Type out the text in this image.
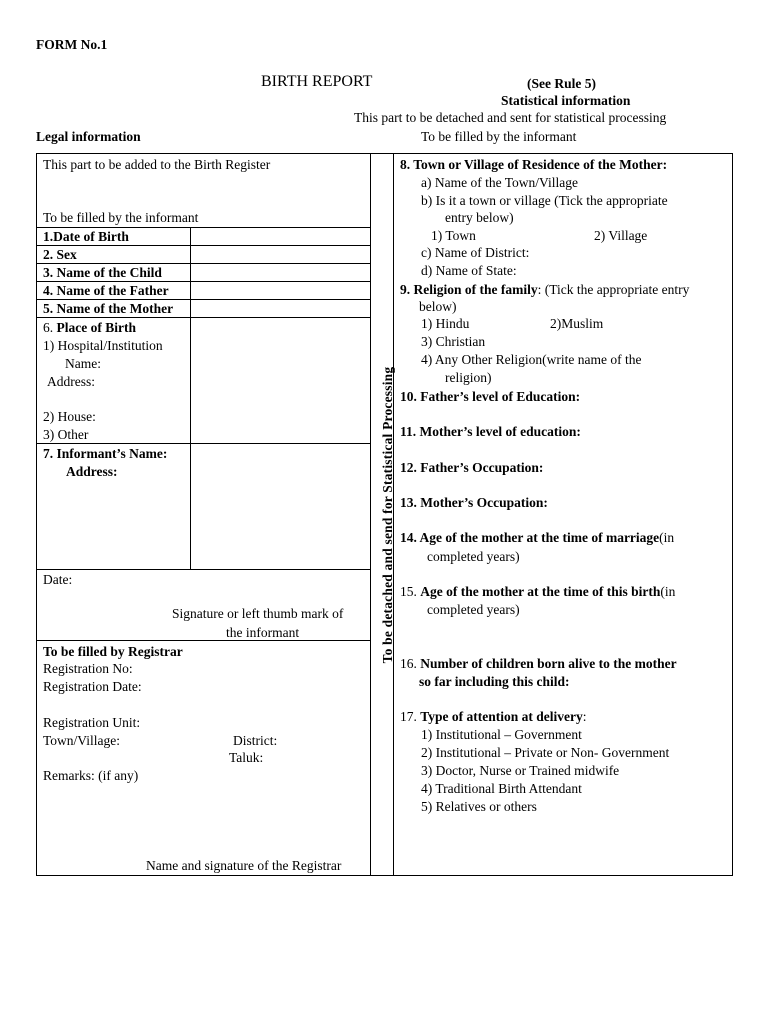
FORM No.1
BIRTH REPORT	(See Rule 5)
Statistical information
This part to be detached and sent for statistical processing
Legal information	To be filled by the informant
This part to be added to the Birth Register
To be filled by the informant
1.Date of Birth
2. Sex
3. Name of the Child
4. Name of the Father
5. Name of the Mother
6. Place of Birth
1) Hospital/Institution
Name:
Address:
2) House:
3) Other
7. Informant’s Name:
Address:
Date:
Signature or left thumb mark of
the informant
To be filled by Registrar
Registration No:
Registration Date:
Registration Unit:
Town/Village:	District:
Taluk:
Remarks: (if any)
Name and signature of the Registrar
To be detached and send for Statistical Processing
8. Town or Village of Residence of the Mother:
a) Name of the Town/Village
b) Is it a town or village (Tick the appropriate
entry below)
1) Town	2) Village
c) Name of District:
d) Name of State:
9. Religion of the family: (Tick the appropriate entry
below)
1) Hindu	2)Muslim
3) Christian
4) Any Other Religion(write name of the
religion)
10. Father’s level of Education:
11. Mother’s level of education:
12. Father’s Occupation:
13. Mother’s Occupation:
14. Age of the mother at the time of marriage(in
completed years)
15. Age of the mother at the time of this birth(in
completed years)
16. Number of children born alive to the mother
so far including this child:
17. Type of attention at delivery:
1) Institutional – Government
2) Institutional – Private or Non- Government
3) Doctor, Nurse or Trained midwife
4) Traditional Birth Attendant
5) Relatives or others
